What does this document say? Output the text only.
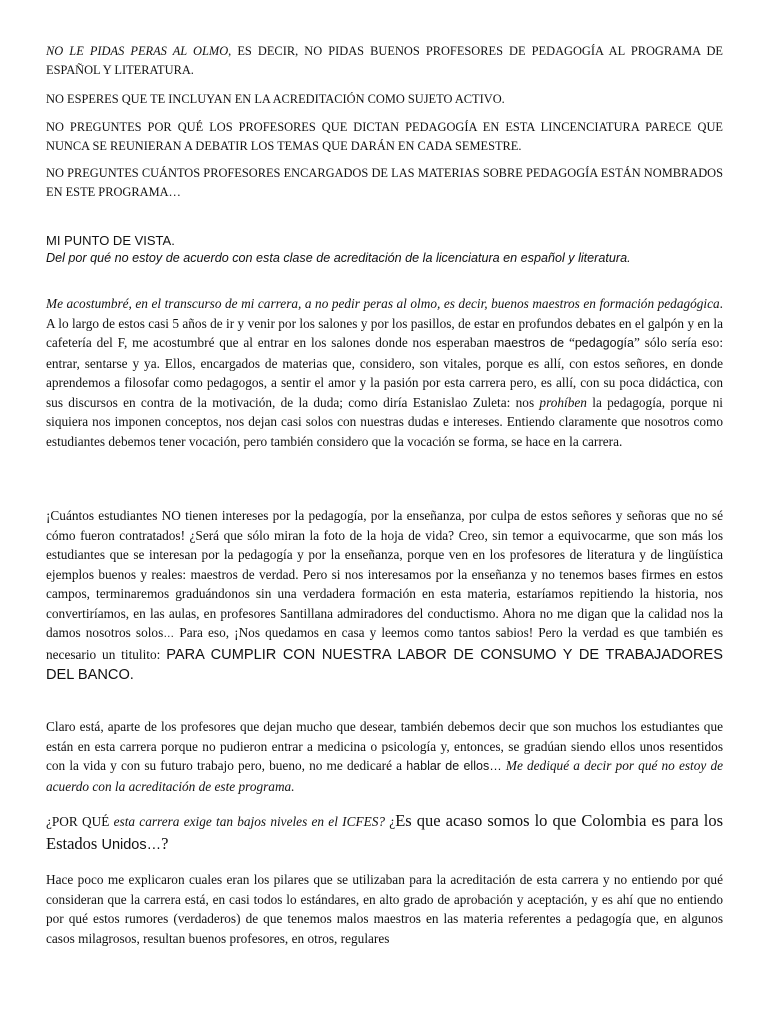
NO LE PIDAS PERAS AL OLMO, ES DECIR, NO PIDAS BUENOS PROFESORES DE PEDAGOGÍA AL PROGRAMA DE ESPAÑOL Y LITERATURA.

NO ESPERES QUE TE INCLUYAN EN LA ACREDITACIÓN COMO SUJETO ACTIVO.

NO PREGUNTES POR QUÉ LOS PROFESORES QUE DICTAN PEDAGOGÍA EN ESTA LINCENCIATURA PARECE QUE NUNCA SE REUNIERAN A DEBATIR LOS TEMAS QUE DARÁN EN CADA SEMESTRE.

NO PREGUNTES CUÁNTOS PROFESORES ENCARGADOS DE LAS MATERIAS SOBRE PEDAGOGÍA ESTÁN NOMBRADOS EN ESTE PROGRAMA…

MI PUNTO DE VISTA.

Del por qué no estoy de acuerdo con esta clase de acreditación de la licenciatura en español y literatura.

Me acostumbré, en el transcurso de mi carrera, a no pedir peras al olmo, es decir, buenos maestros en formación pedagógica. A lo largo de estos casi 5 años de ir y venir por los salones y por los pasillos, de estar en profundos debates en el galpón y en la cafetería del F, me acostumbré que al entrar en los salones donde nos esperaban maestros de “pedagogía” sólo sería eso: entrar, sentarse y ya. Ellos, encargados de materias que, considero, son vitales, porque es allí, con estos señores, en donde aprendemos a filosofar como pedagogos, a sentir el amor y la pasión por esta carrera pero, es allí, con su poca didáctica, con sus discursos en contra de la motivación, de la duda; como diría Estanislao Zuleta: nos prohíben la pedagogía, porque ni siquiera nos imponen conceptos, nos dejan casi solos con nuestras dudas e intereses. Entiendo claramente que nosotros como estudiantes debemos tener vocación, pero también considero que la vocación se forma, se hace en la carrera.

¡Cuántos estudiantes NO tienen intereses por la pedagogía, por la enseñanza, por culpa de estos señores y señoras que no sé cómo fueron contratados! ¿Será que sólo miran la foto de la hoja de vida? Creo, sin temor a equivocarme, que son más los estudiantes que se interesan por la pedagogía y por la enseñanza, porque ven en los profesores de literatura y de lingüística ejemplos buenos y reales: maestros de verdad. Pero si nos interesamos por la enseñanza y no tenemos bases firmes en estos campos, terminaremos graduándonos sin una verdadera formación en esta materia, estaríamos repitiendo la historia, nos convertiríamos, en las aulas, en profesores Santillana admiradores del conductismo. Ahora no me digan que la calidad nos la damos nosotros solos… Para eso, ¡Nos quedamos en casa y leemos como tantos sabios! Pero la verdad es que también es necesario un titulito: PARA CUMPLIR CON NUESTRA LABOR DE CONSUMO Y DE TRABAJADORES DEL BANCO.

Claro está, aparte de los profesores que dejan mucho que desear, también debemos decir que son muchos los estudiantes que están en esta carrera porque no pudieron entrar a medicina o psicología y, entonces, se gradúan siendo ellos unos resentidos con la vida y con su futuro trabajo pero, bueno, no me dedicaré a hablar de ellos… Me dediqué a decir por qué no estoy de acuerdo con la acreditación de este programa.

¿POR QUÉ esta carrera exige tan bajos niveles en el ICFES? ¿Es que acaso somos lo que Colombia es para los Estados Unidos…?

Hace poco me explicaron cuales eran los pilares que se utilizaban para la acreditación de esta carrera y no entiendo por qué consideran que la carrera está, en casi todos lo estándares, en alto grado de aprobación y aceptación, y es ahí que no entiendo por qué estos rumores (verdaderos) de que tenemos malos maestros en las materia referentes a pedagogía que, en algunos casos milagrosos, resultan buenos profesores, en otros, regulares
